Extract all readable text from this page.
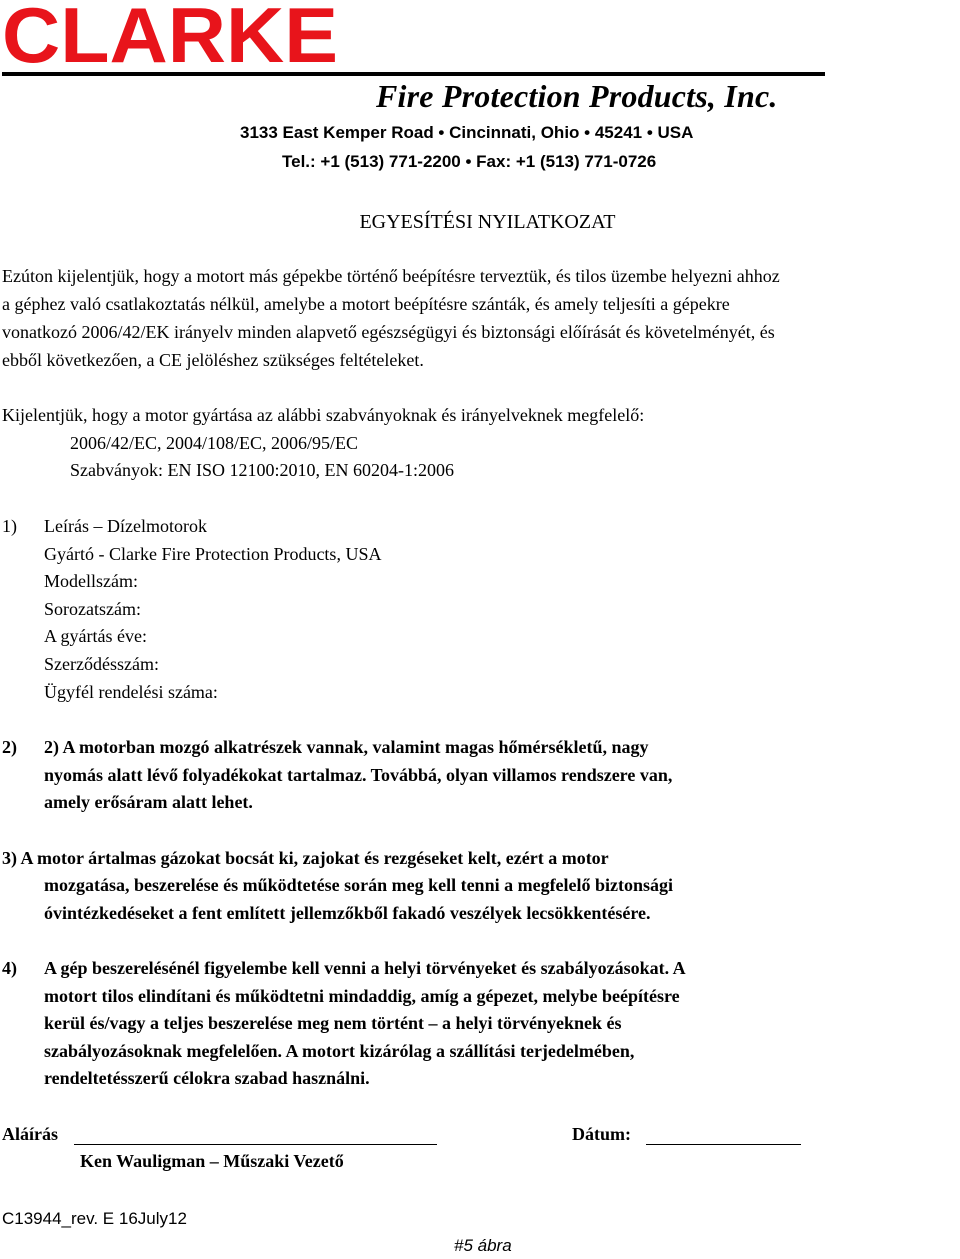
CLARKE
Fire Protection Products, Inc.
3133 East Kemper Road • Cincinnati, Ohio • 45241 • USA
Tel.: +1 (513) 771-2200 • Fax: +1 (513) 771-0726
EGYESÍTÉSI NYILATKOZAT
Ezúton kijelentjük, hogy a motort más gépekbe történő beépítésre terveztük, és tilos üzembe helyezni ahhoz
a géphez való csatlakoztatás nélkül, amelybe a motort beépítésre szánták, és amely teljesíti a gépekre
vonatkozó 2006/42/EK irányelv minden alapvető egészségügyi és biztonsági előírását és követelményét, és
ebből következően, a CE jelöléshez szükséges feltételeket.
Kijelentjük, hogy a motor gyártása az alábbi szabványoknak és irányelveknek megfelelő:
2006/42/EC, 2004/108/EC, 2006/95/EC
Szabványok: EN ISO 12100:2010, EN 60204-1:2006
1) Leírás – Dízelmotorok
Gyártó - Clarke Fire Protection Products, USA
Modellszám:
Sorozatszám:
A gyártás éve:
Szerződésszám:
Ügyfél rendelési száma:
2) 2) A motorban mozgó alkatrészek vannak, valamint magas hőmérsékletű, nagy
nyomás alatt lévő folyadékokat tartalmaz. Továbbá, olyan villamos rendszere van,
amely erősáram alatt lehet.
3) A motor ártalmas gázokat bocsát ki, zajokat és rezgéseket kelt, ezért a motor
mozgatása, beszerelése és működtetése során meg kell tenni a megfelelő biztonsági
óvintézkedéseket a fent említett jellemzőkből fakadó veszélyek lecsökkentésére.
4) A gép beszerelésénél figyelembe kell venni a helyi törvényeket és szabályozásokat. A
motort tilos elindítani és működtetni mindaddig, amíg a gépezet, melybe beépítésre
kerül és/vagy a teljes beszerelése meg nem történt – a helyi törvényeknek és
szabályozásoknak megfelelően. A motort kizárólag a szállítási terjedelmében,
rendeltetésszerű célokra szabad használni.
Aláírás	Dátum:
Ken Wauligman – Műszaki Vezető
C13944_rev. E 16July12
#5 ábra
